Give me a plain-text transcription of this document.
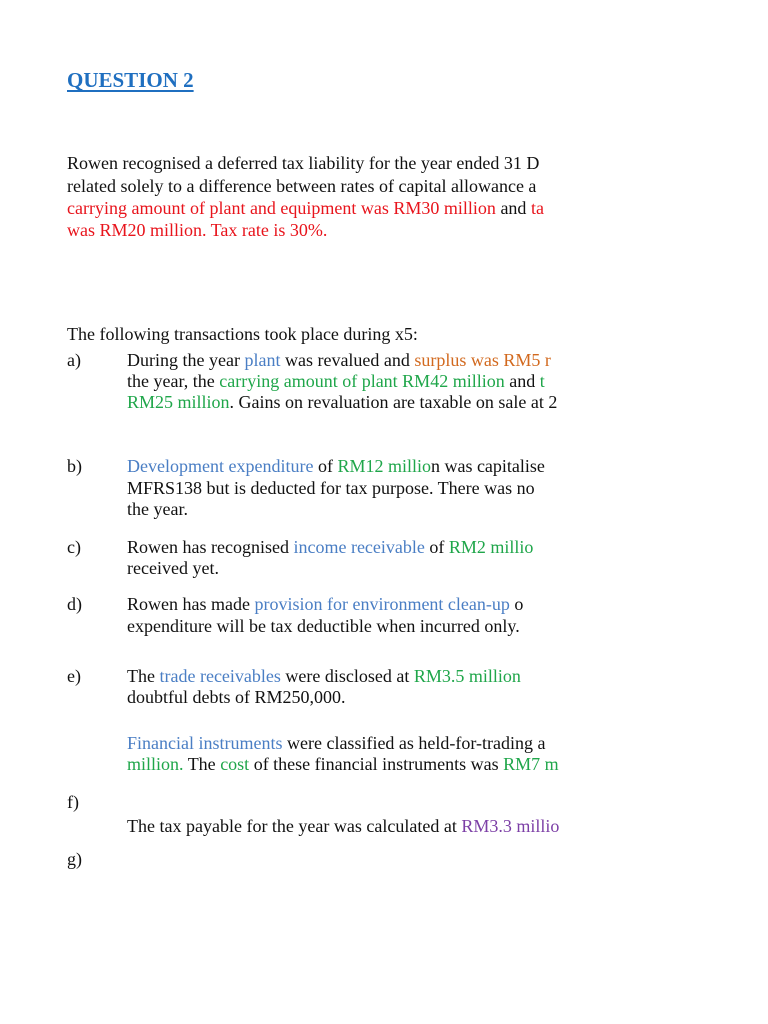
QUESTION 2
Rowen recognised a deferred tax liability for the year ended 31 D
related solely to a difference between rates of capital allowance a
carrying amount of plant and equipment was RM30 million and ta
was RM20 million. Tax rate is 30%.
The following transactions took place during x5:
a)	During the year plant was revalued and surplus was RM5 r
the year, the carrying amount of plant RM42 million and t
RM25 million. Gains on revaluation are taxable on sale at 2
b)	Development expenditure of RM12 million was capitalise
MFRS138 but is deducted for tax purpose. There was no
the year.
c)	Rowen has recognised income receivable of RM2 millio
received yet.
d)	Rowen has made provision for environment clean-up o
expenditure will be tax deductible when incurred only.
e)	The trade receivables were disclosed at RM3.5 million
doubtful debts of RM250,000.
Financial instruments were classified as held-for-trading a
million. The cost of these financial instruments was RM7 m
f)
The tax payable for the year was calculated at RM3.3 millio
g)
